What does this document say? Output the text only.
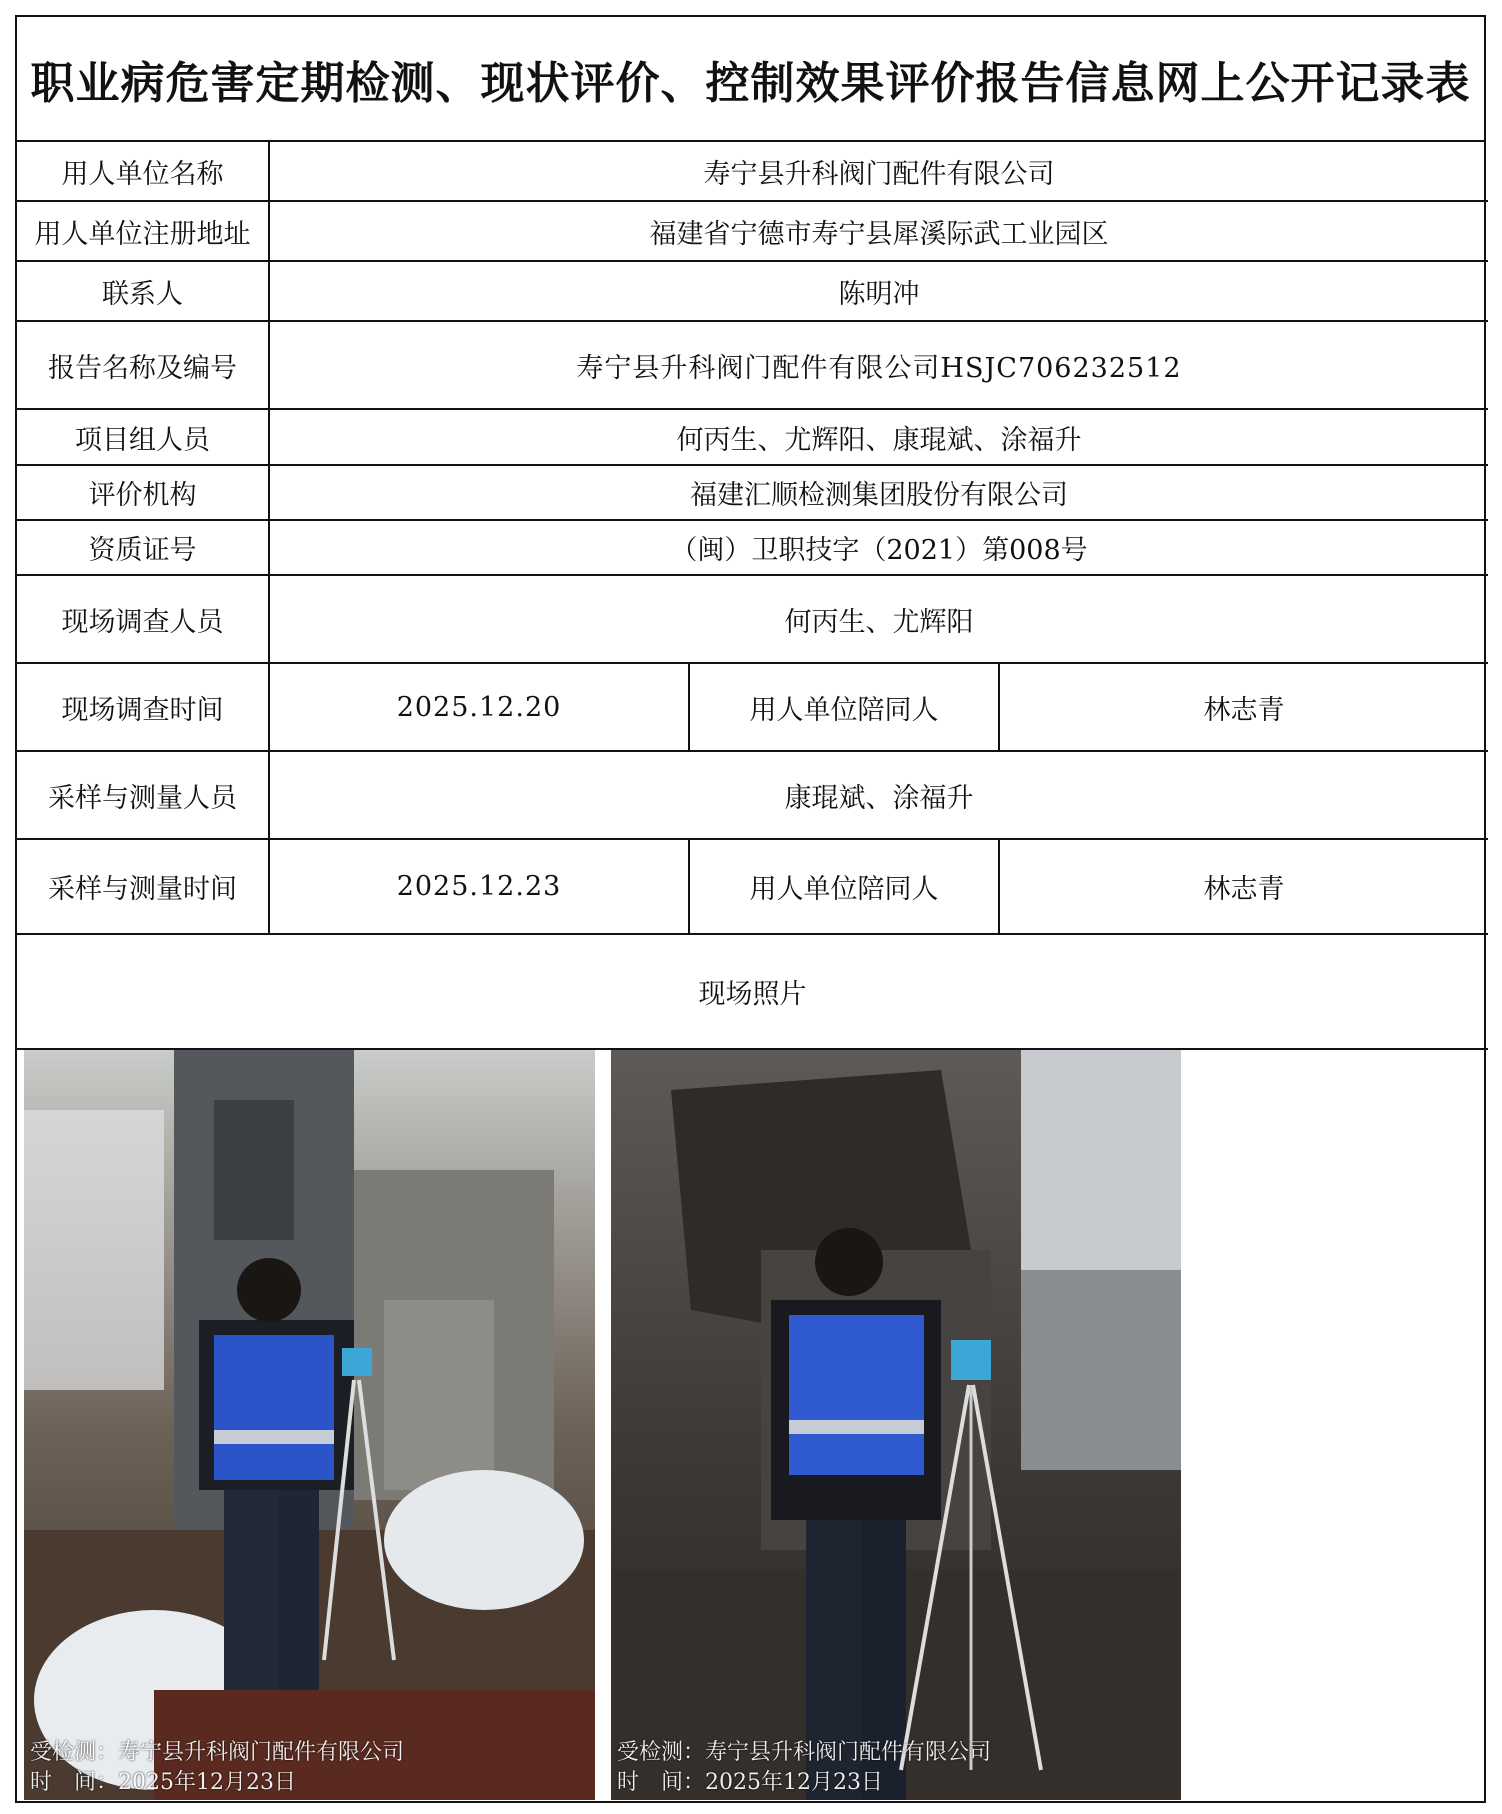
职业病危害定期检测、现状评价、控制效果评价报告信息网上公开记录表
用人单位名称	寿宁县升科阀门配件有限公司
用人单位注册地址	福建省宁德市寿宁县犀溪际武工业园区
联系人	陈明冲
报告名称及编号	寿宁县升科阀门配件有限公司HSJC706232512
项目组人员	何丙生、尤辉阳、康琨斌、涂福升
评价机构	福建汇顺检测集团股份有限公司
资质证号	（闽）卫职技字（2021）第008号
现场调查人员	何丙生、尤辉阳
现场调查时间	2025.12.20	用人单位陪同人	林志青
采样与测量人员	康琨斌、涂福升
采样与测量时间	2025.12.23	用人单位陪同人	林志青
现场照片
受检测：寿宁县升科阀门配件有限公司
时　间：2025年12月23日
受检测：寿宁县升科阀门配件有限公司
时　间：2025年12月23日
